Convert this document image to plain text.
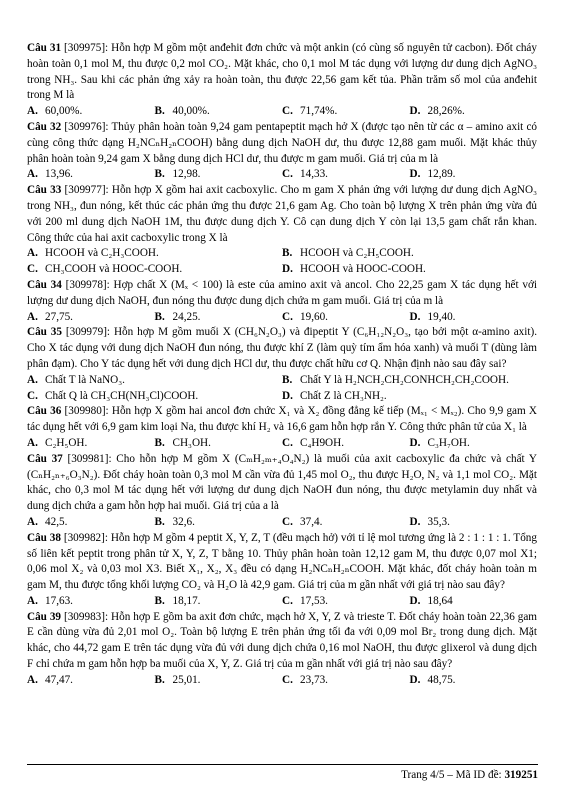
Câu 31 [309975]: Hỗn hợp M gồm một anđehit đơn chức và một ankin (có cùng số nguyên tử cacbon). Đốt cháy hoàn toàn 0,1 mol M, thu được 0,2 mol CO₂. Mặt khác, cho 0,1 mol M tác dụng với lượng dư dung dịch AgNO₃ trong NH₃. Sau khi các phản ứng xảy ra hoàn toàn, thu được 22,56 gam kết tủa. Phần trăm số mol của anđehit trong M là

A. 60,00%.	B. 40,00%.	C. 71,74%.	D. 28,26%.

Câu 32 [309976]: Thủy phân hoàn toàn 9,24 gam pentapeptit mạch hở X (được tạo nên từ các α – amino axit có cùng công thức dạng H₂NCₙH₂ₙCOOH) bằng dung dịch NaOH dư, thu được 12,88 gam muối. Mặt khác thủy phân hoàn toàn 9,24 gam X bằng dung dịch HCl dư, thu được m gam muối. Giá trị của m là

A. 13,96.	B. 12,98.	C. 14,33.	D. 12,89.

Câu 33 [309977]: Hỗn hợp X gồm hai axit cacboxylic. Cho m gam X phản ứng với lượng dư dung dịch AgNO₃ trong NH₃, đun nóng, kết thúc các phản ứng thu được 21,6 gam Ag. Cho toàn bộ lượng X trên phản ứng vừa đủ với 200 ml dung dịch NaOH 1M, thu được dung dịch Y. Cô cạn dung dịch Y còn lại 13,5 gam chất rắn khan. Công thức của hai axit cacboxylic trong X là

A. HCOOH và C₂H₃COOH.	B. HCOOH và C₂H₅COOH.
C. CH₃COOH và HOOC-COOH.	D. HCOOH và HOOC-COOH.

Câu 34 [309978]: Hợp chất X (Mₓ < 100) là este của amino axit và ancol. Cho 22,25 gam X tác dụng hết với lượng dư dung dịch NaOH, đun nóng thu được dung dịch chứa m gam muối. Giá trị của m là

A. 27,75.	B. 24,25.	C. 19,60.	D. 19,40.

Câu 35 [309979]: Hỗn hợp M gồm muối X (CH₆N₂O₃) và đipeptit Y (C₆H₁₂N₂O₃, tạo bởi một α-amino axit). Cho X tác dụng với dung dịch NaOH đun nóng, thu được khí Z (làm quỳ tím ẩm hóa xanh) và muối T (dùng làm phân đạm). Cho Y tác dụng hết với dung dịch HCl dư, thu được chất hữu cơ Q. Nhận định nào sau đây sai?

A. Chất T là NaNO₃.	B. Chất Y là H₂NCH₂CH₂CONHCH₂CH₂COOH.
C. Chất Q là CH₃CH(NH₃Cl)COOH.	D. Chất Z là CH₃NH₂.

Câu 36 [309980]: Hỗn hợp X gồm hai ancol đơn chức X₁ và X₂ đồng đẳng kế tiếp (Mₓ₁ < Mₓ₂). Cho 9,9 gam X tác dụng hết với 6,9 gam kim loại Na, thu được khí H₂ và 16,6 gam hỗn hợp rắn Y. Công thức phân tử của X₁ là

A. C₂H₅OH.	B. CH₃OH.	C. C₄H9OH.	D. C₃H₇OH.

Câu 37 [309981]: Cho hỗn hợp M gồm X (CₘH₂ₘ₊₄O₄N₂) là muối của axit cacboxylic đa chức và chất Y (CₙH₂ₙ₊₆O₃N₂). Đốt cháy hoàn toàn 0,3 mol M cần vừa đủ 1,45 mol O₂, thu được H₂O, N₂ và 1,1 mol CO₂. Mặt khác, cho 0,3 mol M tác dụng hết với lượng dư dung dịch NaOH đun nóng, thu được metylamin duy nhất và dung dịch chứa a gam hỗn hợp hai muối. Giá trị của a là

A. 42,5.	B. 32,6.	C. 37,4.	D. 35,3.

Câu 38 [309982]: Hỗn hợp M gồm 4 peptit X, Y, Z, T (đều mạch hở) với tỉ lệ mol tương ứng là 2 : 1 : 1 : 1. Tổng số liên kết peptit trong phân tử X, Y, Z, T bằng 10. Thủy phân hoàn toàn 12,12 gam M, thu được 0,07 mol X1; 0,06 mol X₂ và 0,03 mol X3. Biết X₁, X₂, X₃ đều có dạng H₂NCₙH₂ₙCOOH. Mặt khác, đốt cháy hoàn toàn m gam M, thu được tổng khối lượng CO₂ và H₂O là 42,9 gam. Giá trị của m gần nhất với giá trị nào sau đây?

A. 17,63.	B. 18,17.	C. 17,53.	D. 18,64

Câu 39 [309983]: Hỗn hợp E gồm ba axit đơn chức, mạch hở X, Y, Z và trieste T. Đốt cháy hoàn toàn 22,36 gam E cần dùng vừa đủ 2,01 mol O₂. Toàn bộ lượng E trên phản ứng tối đa với 0,09 mol Br₂ trong dung dịch. Mặt khác, cho 44,72 gam E trên tác dụng vừa đủ với dung dịch chứa 0,16 mol NaOH, thu được glixerol và dung dịch F chỉ chứa m gam hỗn hợp ba muối của X, Y, Z. Giá trị của m gần nhất với giá trị nào sau đây?

A. 47,47.	B. 25,01.	C. 23,73.	D. 48,75.
Trang 4/5 – Mã ID đề: 319251
